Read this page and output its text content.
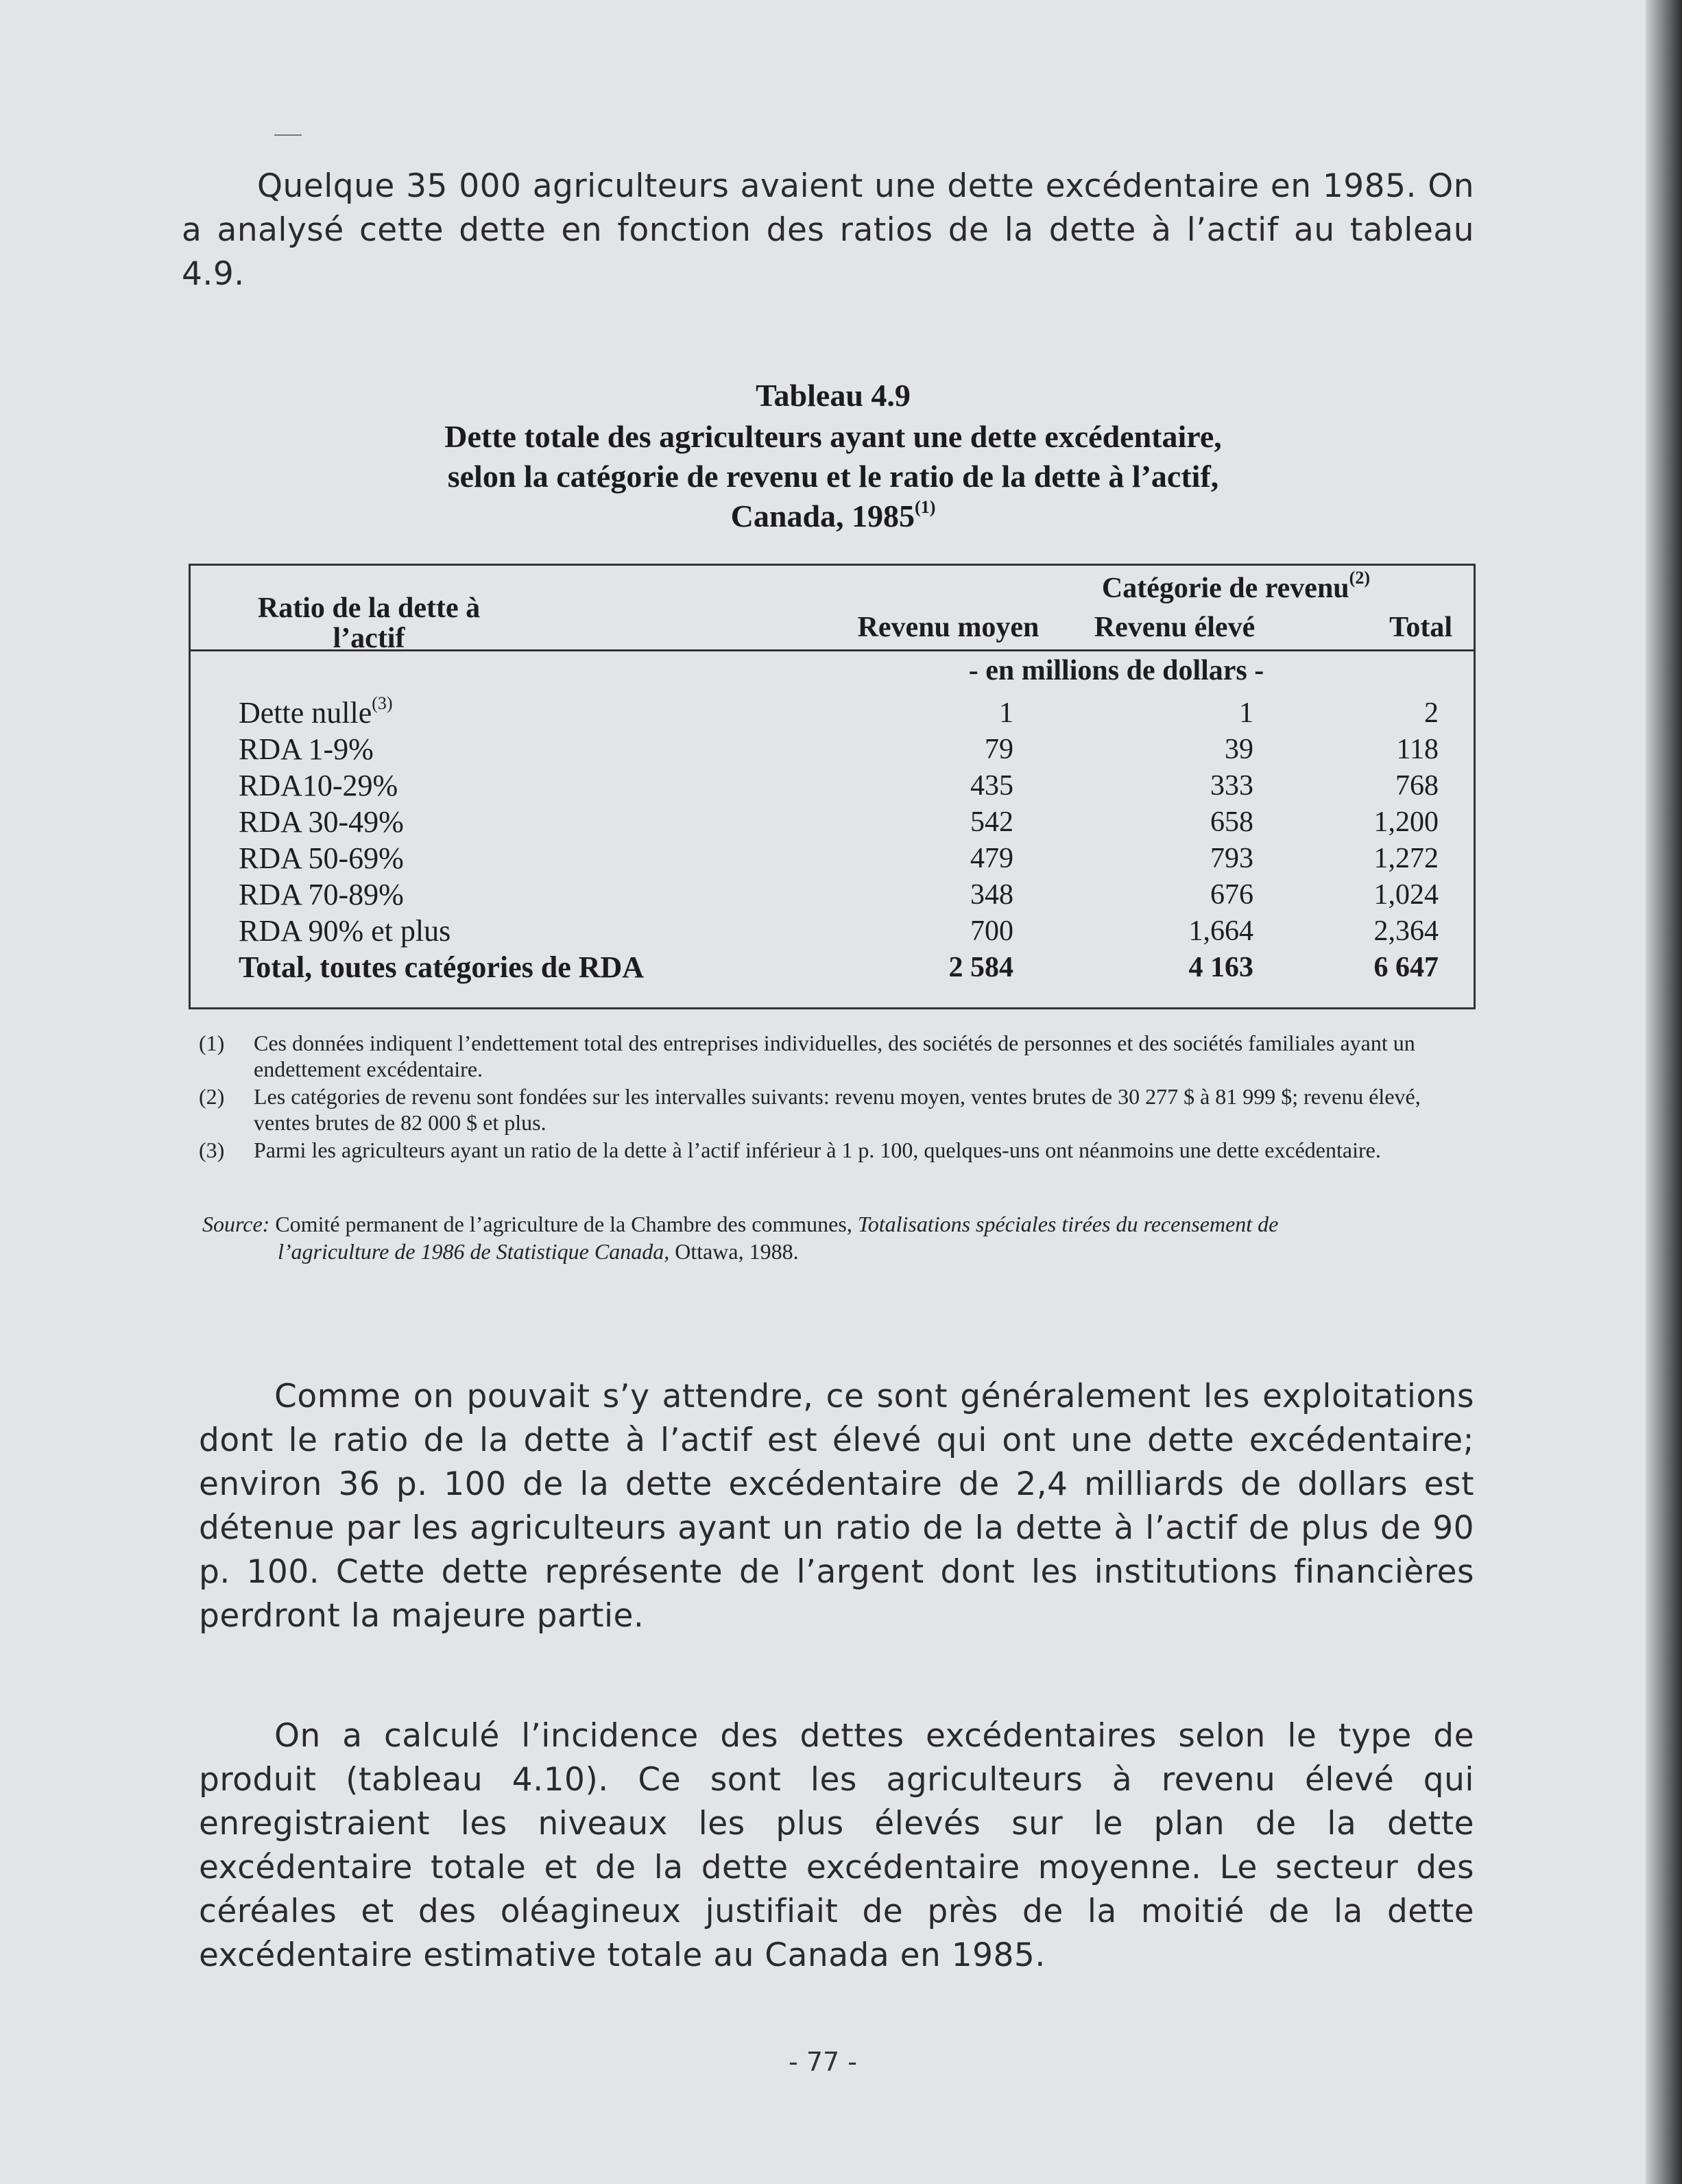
Quelque 35 000 agriculteurs avaient une dette excédentaire en 1985. On a analysé cette dette en fonction des ratios de la dette à l’actif au tableau 4.9.

Tableau 4.9
Dette totale des agriculteurs ayant une dette excédentaire,
selon la catégorie de revenu et le ratio de la dette à l’actif,
Canada, 1985$^{(1)}$
Ratio de la dette à
l’actif
Catégorie de revenu$^{(2)}$
Revenu moyen	Revenu élevé	Total
- en millions de dollars -
Dette nulle$^{(3)}$	1	1	2
RDA 1-9%	79	39	118
RDA10-29%	435	333	768
RDA 30-49%	542	658	1,200
RDA 50-69%	479	793	1,272
RDA 70-89%	348	676	1,024
RDA 90% et plus	700	1,664	2,364
Total, toutes catégories de RDA	2 584	4 163	6 647
(1) Ces données indiquent l’endettement total des entreprises individuelles, des sociétés de personnes et des sociétés familiales ayant un endettement excédentaire.
(2) Les catégories de revenu sont fondées sur les intervalles suivants: revenu moyen, ventes brutes de 30 277 $ à 81 999 $; revenu élevé, ventes brutes de 82 000 $ et plus.
(3) Parmi les agriculteurs ayant un ratio de la dette à l’actif inférieur à 1 p. 100, quelques-uns ont néanmoins une dette excédentaire.
Source: Comité permanent de l’agriculture de la Chambre des communes, Totalisations spéciales tirées du recensement de
l’agriculture de 1986 de Statistique Canada, Ottawa, 1988.

Comme on pouvait s’y attendre, ce sont généralement les exploitations dont le ratio de la dette à l’actif est élevé qui ont une dette excédentaire; environ 36 p. 100 de la dette excédentaire de 2,4 milliards de dollars est détenue par les agriculteurs ayant un ratio de la dette à l’actif de plus de 90 p. 100. Cette dette représente de l’argent dont les institutions financières perdront la majeure partie.

On a calculé l’incidence des dettes excédentaires selon le type de produit (tableau 4.10). Ce sont les agriculteurs à revenu élevé qui enregistraient les niveaux les plus élevés sur le plan de la dette excédentaire totale et de la dette excédentaire moyenne. Le secteur des céréales et des oléagineux justifiait de près de la moitié de la dette excédentaire estimative totale au Canada en 1985.

- 77 -
